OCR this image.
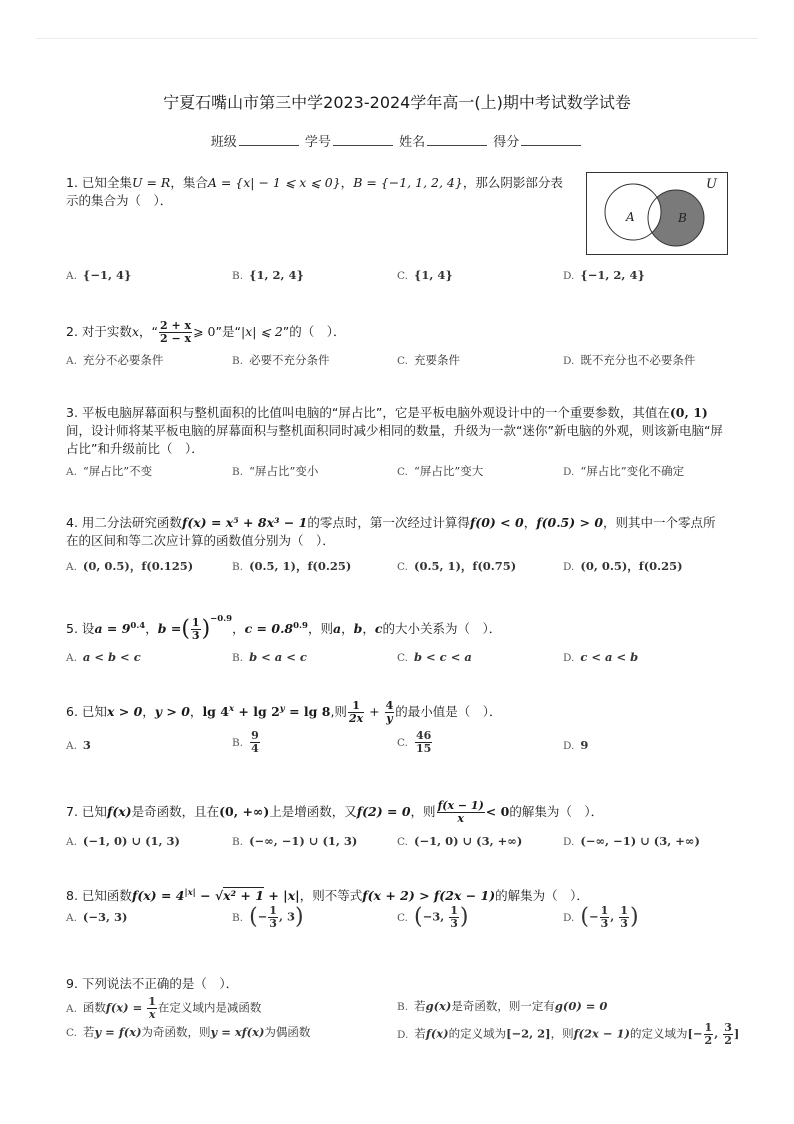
宁夏石嘴山市第三中学2023-2024学年高一(上)期中考试数学试卷
班级	学号	姓名	得分
1. 已知全集U = R，集合A = {x| − 1 ⩽ x ⩽ 0}，B = {−1, 1, 2, 4}，那么阴影部分表示的集合为（　）．
U
A	B
A. {−1, 4}	B. {1, 2, 4}	C. {1, 4}	D. {−1, 2, 4}
2. 对于实数x，“ $\frac{2 + x}{2 - x}$ ⩾ 0”是“|x| ⩽ 2”的（　）．
A. 充分不必要条件	B. 必要不充分条件	C. 充要条件	D. 既不充分也不必要条件
3. 平板电脑屏幕面积与整机面积的比值叫电脑的“屏占比”，它是平板电脑外观设计中的一个重要参数，其值在(0, 1)间，设计师将某平板电脑的屏幕面积与整机面积同时减少相同的数量，升级为一款“迷你”新电脑的外观，则该新电脑“屏占比”和升级前比（　）．
A. “屏占比”不变	B. “屏占比”变小	C. “屏占比”变大	D. “屏占比”变化不确定
4. 用二分法研究函数f(x) = x⁵ + 8x³ − 1的零点时，第一次经过计算得f(0) < 0，f(0.5) > 0，则其中一个零点所在的区间和等二次应计算的函数值分别为（　）．
A. (0, 0.5)，f(0.125)	B. (0.5, 1)，f(0.25)	C. (0.5, 1)，f(0.75)	D. (0, 0.5)，f(0.25)
5. 设$a = 9^{0.4}$，b =( $\frac{1}{3} )^{-0.9}$，$c = 0.8^{0.9}$，则a，b，c的大小关系为（　）．
A. a < b < c	B. b < a < c	C. b < c < a	D. c < a < b
6. 已知x > 0，y > 0，$\lg 4^x + \lg 2^y = \lg 8$,则 $\frac{1}{2x} + \frac{4}{y}$ 的最小值是（　）．
A. 3	B. $\frac{9}{4}$	C. $\frac{46}{15}$	D. 9
7. 已知f(x)是奇函数，且在(0, +∞)上是增函数，又f(2) = 0，则 $\frac{f(x - 1)}{x} < 0$的解集为（　）．
A. (−1, 0) ∪ (1, 3)	B. (−∞, −1) ∪ (1, 3)	C. (−1, 0) ∪ (3, +∞)	D. (−∞, −1) ∪ (3, +∞)
8. 已知函数$f(x) = 4^{|x|} - √x^2 + 1 + |x|$，则不等式f(x + 2) > f(2x − 1)的解集为（　）．
A. (−3, 3)	B. (− $\frac{1}{3}$ , 3)	C. (−3, $\frac{1}{3}$ )	D. (− $\frac{1}{3}$ , $\frac{1}{3}$ )
9. 下列说法不正确的是（　）．
A. 函数$f(x) = \frac{1}{x}$ 在定义域内是减函数	B. 若g(x)是奇函数，则一定有g(0) = 0
C. 若y = f(x)为奇函数，则y = xf(x)为偶函数	D. 若f(x)的定义域为[−2, 2]，则f(2x − 1)的定义域为[− $\frac{1}{2}$ , $\frac{3}{2}$ ]
